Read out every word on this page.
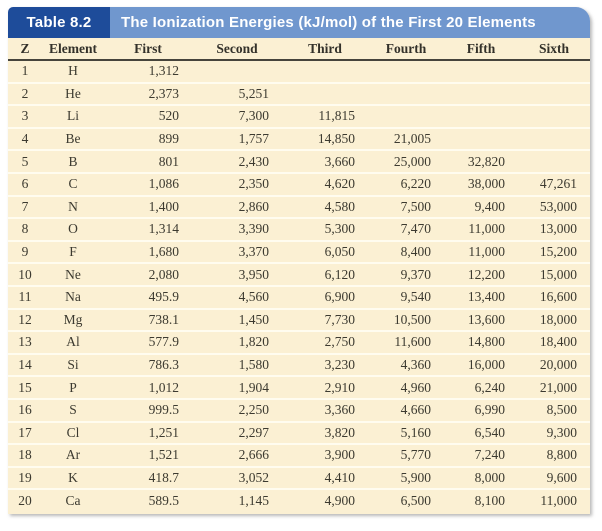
Table 8.2 The Ionization Energies (kJ/mol) of the First 20 Elements
Z	Element	First	Second	Third	Fourth	Fifth	Sixth
1	H	1,312					
2	He	2,373	5,251				
3	Li	520	7,300	11,815			
4	Be	899	1,757	14,850	21,005		
5	B	801	2,430	3,660	25,000	32,820	
6	C	1,086	2,350	4,620	6,220	38,000	47,261
7	N	1,400	2,860	4,580	7,500	9,400	53,000
8	O	1,314	3,390	5,300	7,470	11,000	13,000
9	F	1,680	3,370	6,050	8,400	11,000	15,200
10	Ne	2,080	3,950	6,120	9,370	12,200	15,000
11	Na	495.9	4,560	6,900	9,540	13,400	16,600
12	Mg	738.1	1,450	7,730	10,500	13,600	18,000
13	Al	577.9	1,820	2,750	11,600	14,800	18,400
14	Si	786.3	1,580	3,230	4,360	16,000	20,000
15	P	1,012	1,904	2,910	4,960	6,240	21,000
16	S	999.5	2,250	3,360	4,660	6,990	8,500
17	Cl	1,251	2,297	3,820	5,160	6,540	9,300
18	Ar	1,521	2,666	3,900	5,770	7,240	8,800
19	K	418.7	3,052	4,410	5,900	8,000	9,600
20	Ca	589.5	1,145	4,900	6,500	8,100	11,000
